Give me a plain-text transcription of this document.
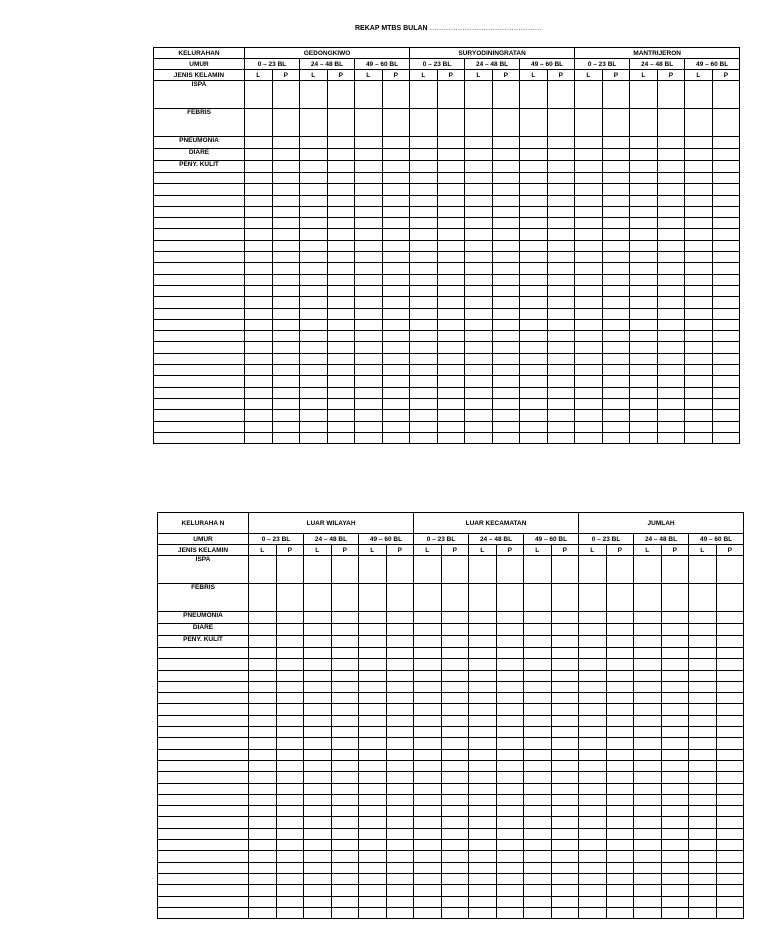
REKAP MTBS BULAN …………………………………………
KELURAHAN	GEDONGKIWO						SURYODININGRATAN						MANTRIJERON					
UMUR	0 – 23 BL		24 – 48 BL		49 – 60 BL		0 – 23 BL		24 – 48 BL		49 – 60 BL		0 – 23 BL		24 – 48 BL		49 – 60 BL	
JENIS KELAMIN	L	P	L	P	L	P	L	P	L	P	L	P	L	P	L	P	L	P
ISPA																		
FEBRIS																		
PNEUMONIA																		
DIARE																		
PENY. KULIT																		

KELURAHA N	LUAR WILAYAH						LUAR KECAMATAN						JUMLAH					
UMUR	0 – 23 BL		24 – 48 BL		49 – 60 BL		0 – 23 BL		24 – 48 BL		49 – 60 BL		0 – 23 BL		24 – 48 BL		49 – 60 BL	
JENIS KELAMIN	L	P	L	P	L	P	L	P	L	P	L	P	L	P	L	P	L	P
ISPA																		
FEBRIS																		
PNEUMONIA																		
DIARE																		
PENY. KULIT																		
